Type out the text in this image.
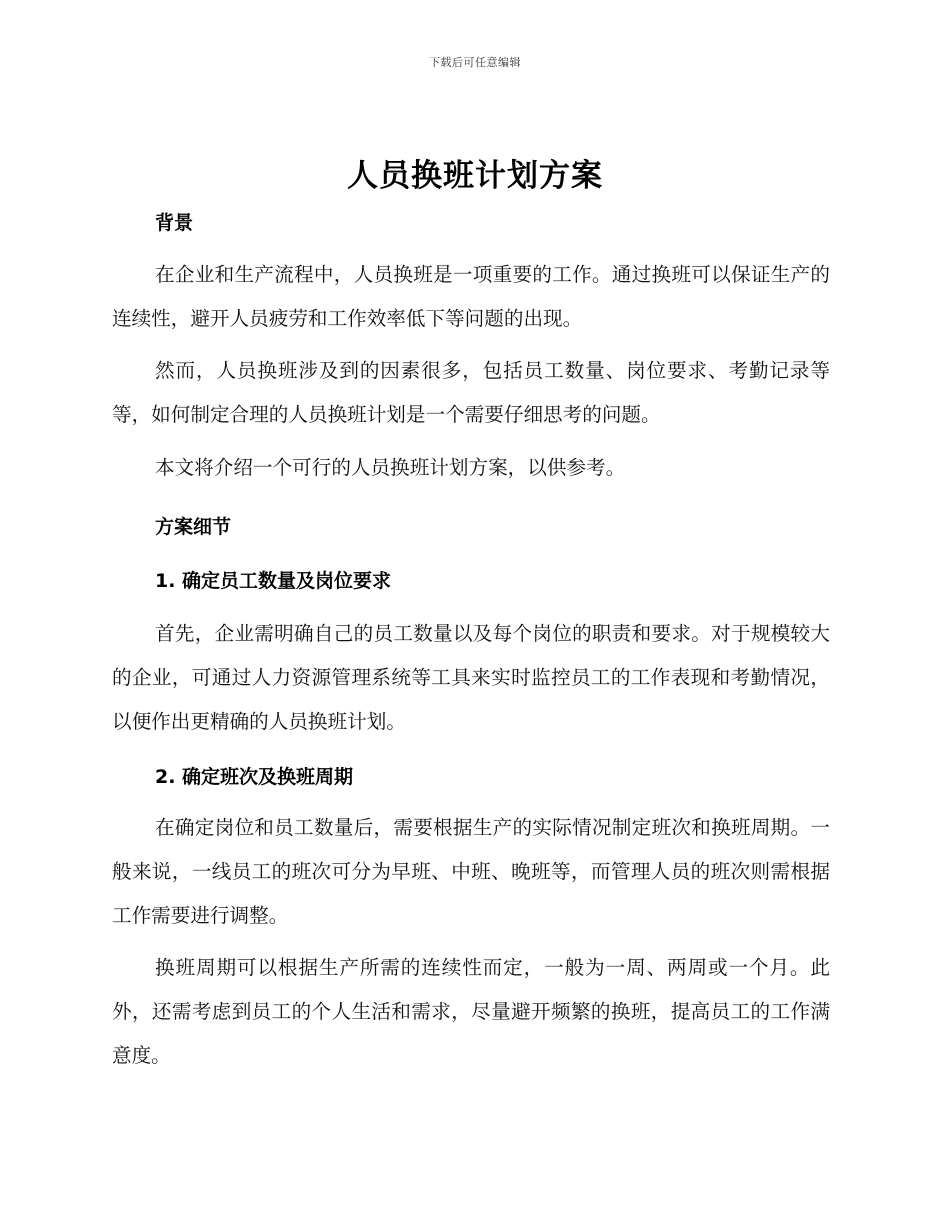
下载后可任意编辑
人员换班计划方案
背景

在企业和生产流程中，人员换班是一项重要的工作。通过换班可以保证生产的连续性，避开人员疲劳和工作效率低下等问题的出现。

然而，人员换班涉及到的因素很多，包括员工数量、岗位要求、考勤记录等等，如何制定合理的人员换班计划是一个需要仔细思考的问题。

本文将介绍一个可行的人员换班计划方案，以供参考。

方案细节
1. 确定员工数量及岗位要求

首先，企业需明确自己的员工数量以及每个岗位的职责和要求。对于规模较大的企业，可通过人力资源管理系统等工具来实时监控员工的工作表现和考勤情况，以便作出更精确的人员换班计划。

2. 确定班次及换班周期

在确定岗位和员工数量后，需要根据生产的实际情况制定班次和换班周期。一般来说，一线员工的班次可分为早班、中班、晚班等，而管理人员的班次则需根据工作需要进行调整。

换班周期可以根据生产所需的连续性而定，一般为一周、两周或一个月。此外，还需考虑到员工的个人生活和需求，尽量避开频繁的换班，提高员工的工作满意度。
